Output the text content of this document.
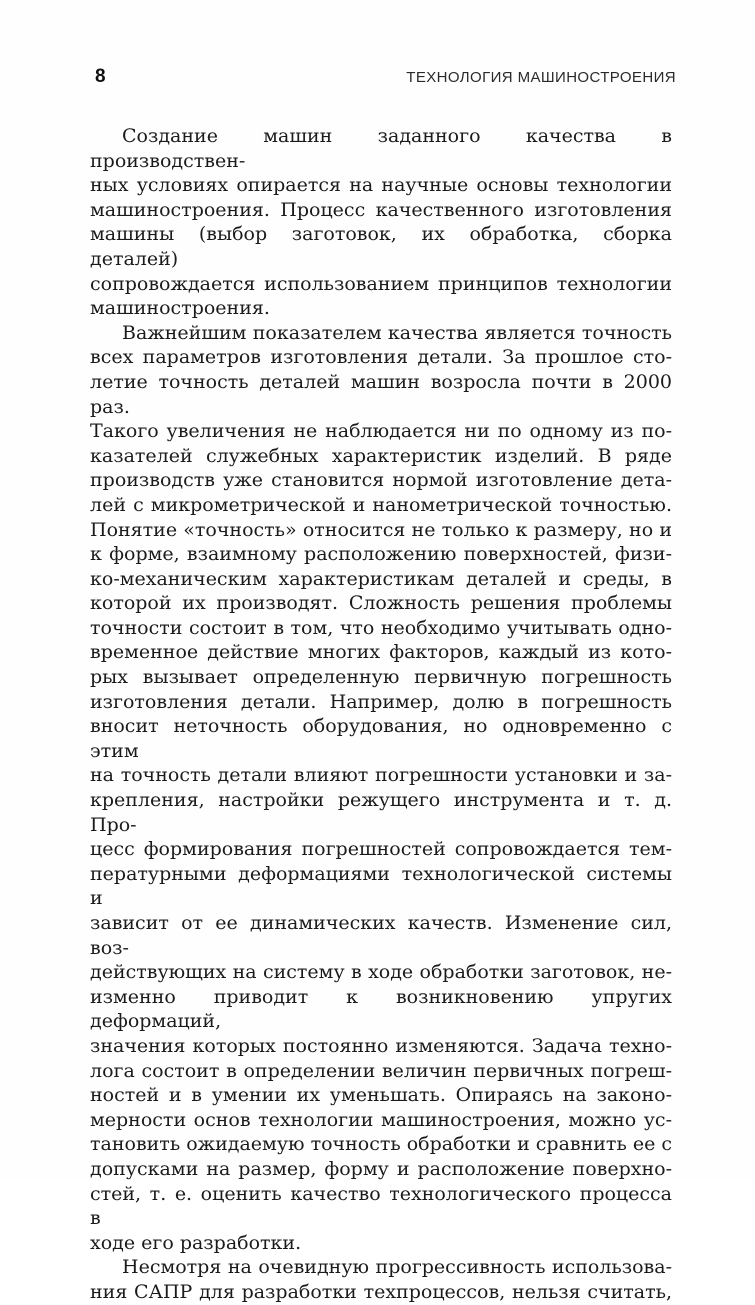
8	ТЕХНОЛОГИЯ МАШИНОСТРОЕНИЯ
Создание машин заданного качества в производствен-
ных условиях опирается на научные основы технологии
машиностроения. Процесс качественного изготовления
машины (выбор заготовок, их обработка, сборка деталей)
сопровождается использованием принципов технологии
машиностроения.
Важнейшим показателем качества является точность
всех параметров изготовления детали. За прошлое сто-
летие точность деталей машин возросла почти в 2000 раз.
Такого увеличения не наблюдается ни по одному из по-
казателей служебных характеристик изделий. В ряде
производств уже становится нормой изготовление дета-
лей с микрометрической и нанометрической точностью.
Понятие «точность» относится не только к размеру, но и
к форме, взаимному расположению поверхностей, физи-
ко-механическим характеристикам деталей и среды, в
которой их производят. Сложность решения проблемы
точности состоит в том, что необходимо учитывать одно-
временное действие многих факторов, каждый из кото-
рых вызывает определенную первичную погрешность
изготовления детали. Например, долю в погрешность
вносит неточность оборудования, но одновременно с этим
на точность детали влияют погрешности установки и за-
крепления, настройки режущего инструмента и т. д. Про-
цесс формирования погрешностей сопровождается тем-
пературными деформациями технологической системы и
зависит от ее динамических качеств. Изменение сил, воз-
действующих на систему в ходе обработки заготовок, не-
изменно приводит к возникновению упругих деформаций,
значения которых постоянно изменяются. Задача техно-
лога состоит в определении величин первичных погреш-
ностей и в умении их уменьшать. Опираясь на законо-
мерности основ технологии машиностроения, можно ус-
тановить ожидаемую точность обработки и сравнить ее с
допусками на размер, форму и расположение поверхно-
стей, т. е. оценить качество технологического процесса в
ходе его разработки.
Несмотря на очевидную прогрессивность использова-
ния САПР для разработки техпроцессов, нельзя считать,
